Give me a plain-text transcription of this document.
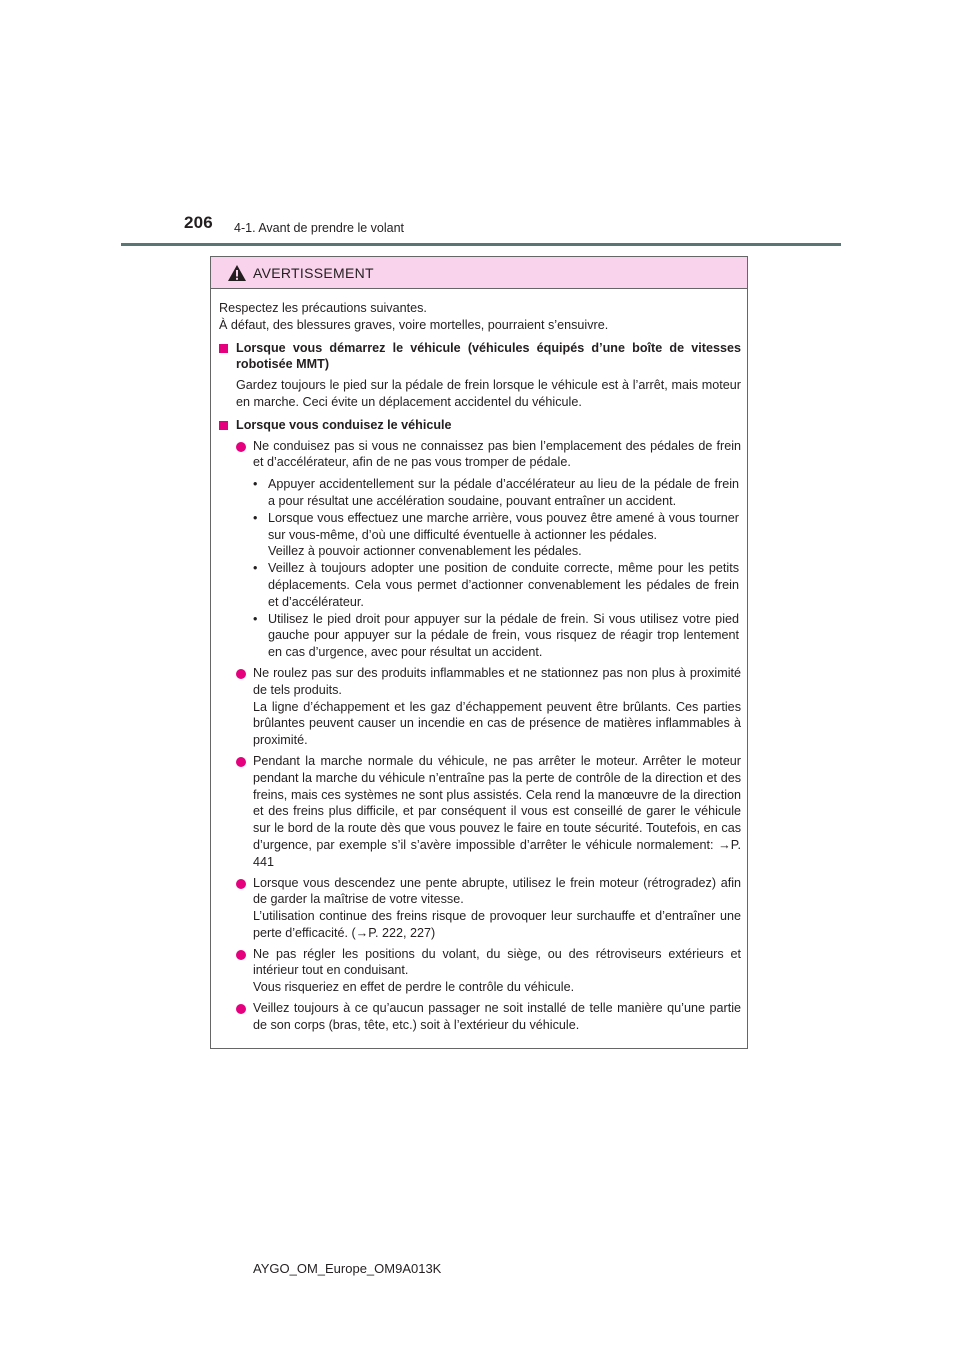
206 4-1. Avant de prendre le volant
AVERTISSEMENT

Respectez les précautions suivantes.

À défaut, des blessures graves, voire mortelles, pourraient s’ensuivre.

Lorsque vous démarrez le véhicule (véhicules équipés d’une boîte de vitesses robotisée MMT)
Gardez toujours le pied sur la pédale de frein lorsque le véhicule est à l’arrêt, mais moteur en marche. Ceci évite un déplacement accidentel du véhicule.
Lorsque vous conduisez le véhicule

Ne conduisez pas si vous ne connaissez pas bien l’emplacement des pédales de frein et d’accélérateur, afin de ne pas vous tromper de pédale.

• Appuyer accidentellement sur la pédale d’accélérateur au lieu de la pédale de frein a pour résultat une accélération soudaine, pouvant entraîner un accident.

• Lorsque vous effectuez une marche arrière, vous pouvez être amené à vous tourner sur vous-même, d’où une difficulté éventuelle à actionner les pédales.

Veillez à pouvoir actionner convenablement les pédales.

• Veillez à toujours adopter une position de conduite correcte, même pour les petits déplacements. Cela vous permet d’actionner convenablement les pédales de frein et d’accélérateur.

• Utilisez le pied droit pour appuyer sur la pédale de frein. Si vous utilisez votre pied gauche pour appuyer sur la pédale de frein, vous risquez de réagir trop lentement en cas d’urgence, avec pour résultat un accident.

Ne roulez pas sur des produits inflammables et ne stationnez pas non plus à proximité de tels produits.

La ligne d’échappement et les gaz d’échappement peuvent être brûlants. Ces parties brûlantes peuvent causer un incendie en cas de présence de matières inflammables à proximité.

Pendant la marche normale du véhicule, ne pas arrêter le moteur. Arrêter le moteur pendant la marche du véhicule n’entraîne pas la perte de contrôle de la direction et des freins, mais ces systèmes ne sont plus assistés. Cela rend la manœuvre de la direction et des freins plus difficile, et par conséquent il vous est conseillé de garer le véhicule sur le bord de la route dès que vous pouvez le faire en toute sécurité. Toutefois, en cas d’urgence, par exemple s’il s’avère impossible d’arrêter le véhicule normalement: →P. 441

Lorsque vous descendez une pente abrupte, utilisez le frein moteur (rétrogradez) afin de garder la maîtrise de votre vitesse.

L’utilisation continue des freins risque de provoquer leur surchauffe et d’entraîner une perte d’efficacité. (→P. 222, 227)

Ne pas régler les positions du volant, du siège, ou des rétroviseurs extérieurs et intérieur tout en conduisant.

Vous risqueriez en effet de perdre le contrôle du véhicule.

Veillez toujours à ce qu’aucun passager ne soit installé de telle manière qu’une partie de son corps (bras, tête, etc.) soit à l’extérieur du véhicule.

AYGO_OM_Europe_OM9A013K
